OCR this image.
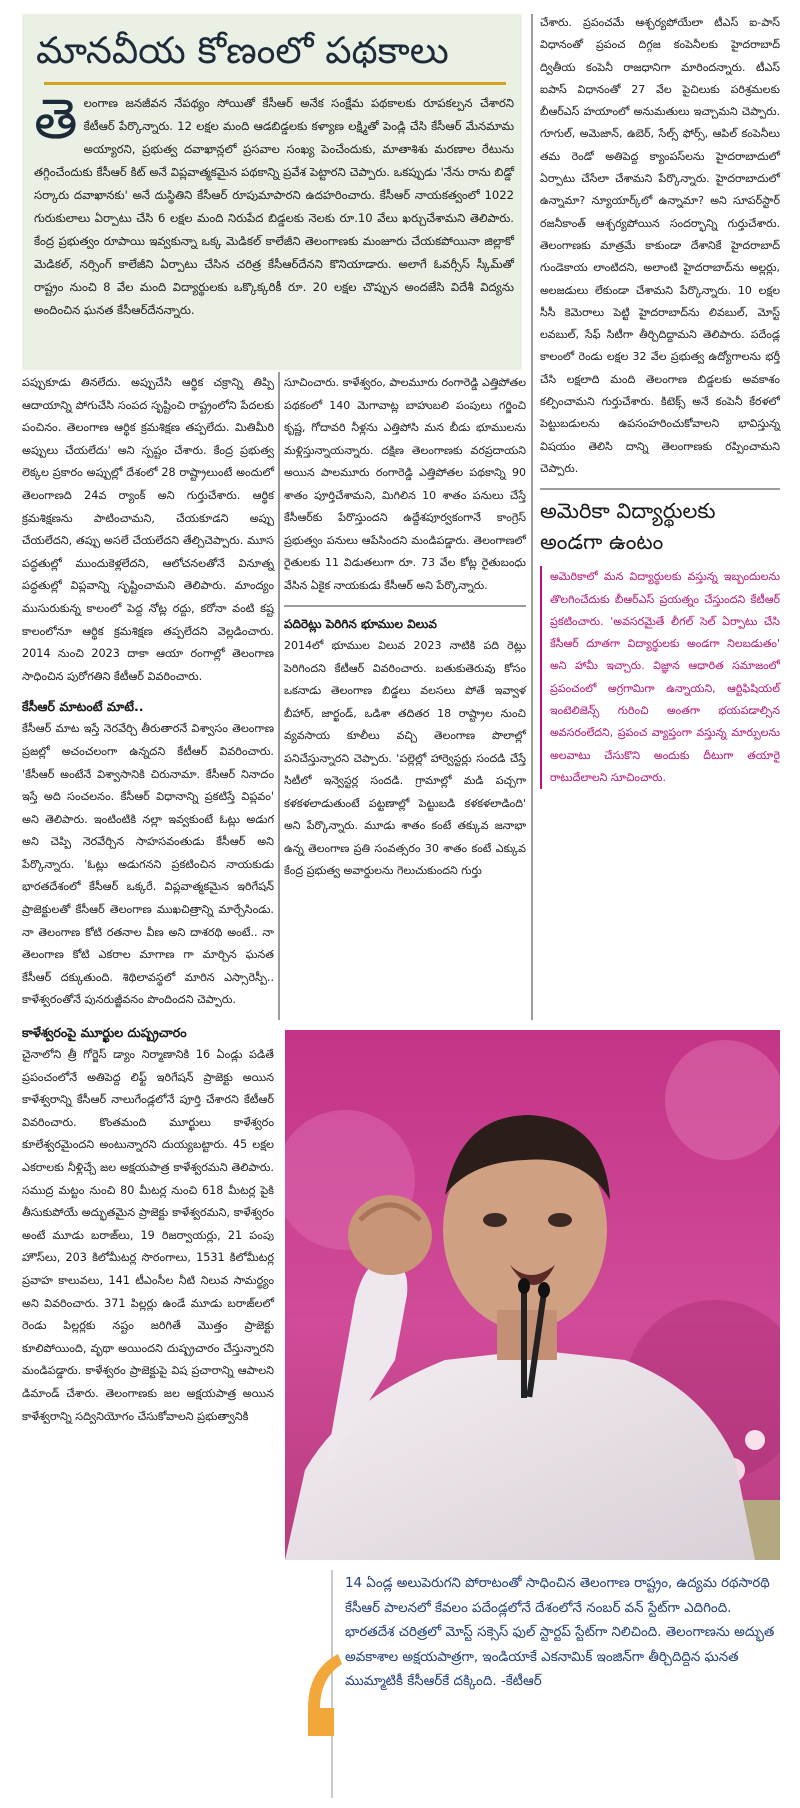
మానవీయ కోణంలో పథకాలు
తె లంగాణ జనజీవన నేపథ్యం సోయితో కేసీఆర్ అనేక సంక్షేమ పథకాలకు రూపకల్పన చేశారని కేటీఆర్ పేర్కొన్నారు. 12 లక్షల మంది ఆడబిడ్డలకు కళ్యాణ లక్ష్మితో పెండ్లి చేసి కేసీఆర్ మేనమామ అయ్యారని, ప్రభుత్వ దవాఖాన్లలో ప్రసవాల సంఖ్య పెంచేందుకు, మాతాశిశు మరణాల రేటును తగ్గించేందుకు కేసీఆర్ కిట్ అనే విప్లవాత్మకమైన పథకాన్ని ప్రవేశ పెట్టారని చెప్పారు. ఒకప్పుడు 'నేను రాను బిడ్డో సర్కారు దవాఖానకు' అనే దుస్థితిని కేసీఆర్ రూపుమాపారని ఉదహరించారు. కేసీఆర్ నాయకత్వంలో 1022 గురుకులాలు ఏర్పాటు చేసి 6 లక్షల మంది నిరుపేద బిడ్డలకు నెలకు రూ.10 వేలు ఖర్చుచేశామని తెలిపారు. కేంద్ర ప్రభుత్వం రూపాయి ఇవ్వకున్నా ఒక్క మెడికల్ కాలేజీని తెలంగాణకు మంజూరు చేయకపోయినా జిల్లాకో మెడికల్, నర్సింగ్ కాలేజీని ఏర్పాటు చేసిన చరిత్ర కేసీఆర్‌దేనని కొనియాడారు. అలాగే ఓవర్సీస్ స్కీమ్‌తో రాష్ట్రం నుంచి 8 వేల మంది విద్యార్థులకు ఒక్కొక్కరికీ రూ. 20 లక్షల చొప్పున అందజేసి విదేశీ విద్యను అందించిన ఘనత కేసీఆర్‌దేనన్నారు.

పప్పుకూడు తినలేదు. అప్పుచేసి ఆర్థిక చక్రాన్ని తిప్పి ఆదాయాన్ని పోగుచేసి సంపద సృష్టించి రాష్ట్రంలోని పేదలకు పంచినం. తెలంగాణ ఆర్థిక క్రమశిక్షణ తప్పలేదు. మితిమీరి అప్పులు చేయలేదు' అని స్పష్టం చేశారు. కేంద్ర ప్రభుత్వ లెక్కల ప్రకారం అప్పుల్లో దేశంలో 28 రాష్ట్రాలుంటే అందులో తెలంగాణది 24వ ర్యాంక్ అని గుర్తుచేశారు. ఆర్థిక క్రమశిక్షణను పాటించామని, చేయకూడని అప్పు చేయలేదని, తప్పు అసలే చేయలేదని తేల్చిచెప్పారు. మూస పద్ధతుల్లో ముందుకెళ్లలేదని, ఆలోచనలతోనే వినూత్న పద్ధతుల్లో విప్లవాన్ని సృష్టించామని తెలిపారు. మాంద్యం ముసురుకున్న కాలంలో పెద్ద నోట్ల రద్దు, కరోనా వంటి కష్ట కాలంలోనూ ఆర్థిక క్రమశిక్షణ తప్పలేదని వెల్లడించారు. 2014 నుంచి 2023 దాకా ఆయా రంగాల్లో తెలంగాణ సాధించిన పురోగతిని కేటీఆర్ వివరించారు.

కేసీఆర్ మాటంటే మాటే..

కేసీఆర్ మాట ఇస్తే నెరవేర్చి తీరుతారనే విశ్వాసం తెలంగాణ ప్రజల్లో అచంచలంగా ఉన్నదని కేటీఆర్ వివరించారు. 'కేసీఆర్ అంటేనే విశ్వాసానికి చిరునామా. కేసీఆర్ నినాదం ఇస్తే అది సంచలనం. కేసీఆర్ విధానాన్ని ప్రకటిస్తే విప్లవం' అని తెలిపారు. ఇంటింటికి నల్లా ఇవ్వకుంటే ఓట్లు అడుగ అని చెప్పి నెరవేర్చిన సాహసవంతుడు కేసీఆర్ అని పేర్కొన్నారు. 'ఓట్లు అడుగనని ప్రకటించిన నాయకుడు భారతదేశంలో కేసీఆర్ ఒక్కరే. విప్లవాత్మకమైన ఇరిగేషన్ ప్రాజెక్టులతో కేసీఆర్ తెలంగాణ ముఖచిత్రాన్ని మార్చేసిండు. నా తెలంగాణ కోటి రతనాల వీణ అని దాశరథి అంటే.. నా తెలంగాణ కోటి ఎకరాల మాగాణ గా మార్చిన ఘనత కేసీఆర్ దక్కుతుంది. శిథిలావస్థలో మారిన ఎస్సారెస్పీ.. కాళేశ్వరంతోనే పునరుజ్జీవనం పొందిందని చెప్పారు.

కాళేశ్వరంపై మూర్ఖుల దుష్ప్రచారం

చైనాలోని త్రీ గోర్జెస్ డ్యాం నిర్మాణానికి 16 ఏండ్లు పడితే ప్రపంచంలోనే అతిపెద్ద లిఫ్ట్ ఇరిగేషన్ ప్రాజెక్టు అయిన కాళేశ్వరాన్ని కేసీఆర్ నాలుగేండ్లలోనే పూర్తి చేశారని కేటీఆర్ వివరించారు. కొంతమంది మూర్ఖులు కాళేశ్వరం కూలేశ్వరమైందని అంటున్నారని దుయ్యబట్టారు. 45 లక్షల ఎకరాలకు నీళ్లిచ్చే జల అక్షయపాత్ర కాళేశ్వరమని తెలిపారు. సముద్ర మట్టం నుంచి 80 మీటర్ల నుంచి 618 మీటర్ల పైకి తీసుకుపోయే అద్భుతమైన ప్రాజెక్టు కాళేశ్వరమని, కాళేశ్వరం అంటే మూడు బరాజ్‌లు, 19 రిజర్వాయర్లు, 21 పంపు హౌస్‌లు, 203 కిలోమీటర్ల సొరంగాలు, 1531 కిలోమీటర్ల ప్రవాహ కాలువలు, 141 టీఎంసీల నీటి నిలువ సామర్థ్యం అని వివరించారు. 371 పిల్లర్లు ఉండే మూడు బరాజ్‌లలో రెండు పిల్లర్లకు నష్టం జరిగితే మొత్తం ప్రాజెక్టు కూలిపోయింది, వృథా అయిందని దుష్ప్రచారం చేస్తున్నారని మండిపడ్డారు. కాళేశ్వరం ప్రాజెక్టుపై విష ప్రచారాన్ని ఆపాలని డిమాండ్ చేశారు. తెలంగాణకు జల అక్షయపాత్ర అయిన కాళేశ్వరాన్ని సద్వినియోగం చేసుకోవాలని ప్రభుత్వానికి

సూచించారు. కాళేశ్వరం, పాలమూరు రంగారెడ్డి ఎత్తిపోతల పథకంలో 140 మెగావాట్ల బాహుబలి పంపులు గర్జించి కృష్ణ, గోదావరి నీళ్లను ఎత్తిపోసి మన బీడు భూములను మళ్లిస్తున్నాయన్నారు. దక్షిణ తెలంగాణకు వరప్రదాయని అయిన పాలమూరు రంగారెడ్డి ఎత్తిపోతల పథకాన్ని 90 శాతం పూర్తిచేశామని, మిగిలిన 10 శాతం పనులు చేస్తే కేసీఆర్‌కు పేరొస్తుందని ఉద్దేశపూర్వకంగానే కాంగ్రెస్ ప్రభుత్వం పనులు ఆపేసిందని మండిపడ్డారు. తెలంగాణలో రైతులకు 11 విడుతలుగా రూ. 73 వేల కోట్ల రైతుబంధు వేసిన ఏకైక నాయకుడు కేసీఆర్ అని పేర్కొన్నారు.

పదిరెట్లు పెరిగిన భూముల విలువ

2014లో భూముల విలువ 2023 నాటికి పది రెట్లు పెరిగిందని కేటీఆర్ వివరించారు. బతుకుతెరువు కోసం ఒకనాడు తెలంగాణ బిడ్డలు వలసలు పోతే ఇవ్వాళ బీహార్, జార్ఖండ్, ఒడిశా తదితర 18 రాష్ట్రాల నుంచి వ్యవసాయ కూలీలు వచ్చి తెలంగాణ పొలాల్లో పనిచేస్తున్నారని చెప్పారు. 'పల్లెల్లో హార్వెస్టర్లు సందడి చేస్తే సిటీలో ఇన్వెస్టర్ల సందడి. గ్రామాల్లో మడి పచ్చగా కళకళలాడుతుంటే పట్టణాల్లో పెట్టుబడి కళకళలాడింది' అని పేర్కొన్నారు. మూడు శాతం కంటే తక్కువ జనాభా ఉన్న తెలంగాణ ప్రతి సంవత్సరం 30 శాతం కంటే ఎక్కువ కేంద్ర ప్రభుత్వ అవార్డులను గెలుచుకుందని గుర్తు

చేశారు. ప్రపంచమే ఆశ్చర్యపోయేలా టీఎస్ ఐ-పాస్ విధానంతో ప్రపంచ దిగ్గజ కంపెనీలకు హైదరాబాద్ ద్వితీయ కంపెనీ రాజధానిగా మారిందన్నారు. టీఎస్ ఐపాస్ విధానంతో 27 వేల పైచిలుకు పరిశ్రమలకు బీఆర్ఎస్ హయాంలో అనుమతులు ఇచ్చామని చెప్పారు. గూగుల్, అమెజాన్, ఉబెర్, సేల్స్ ఫోర్స్, ఆపిల్ కంపెనీలు తమ రెండో అతిపెద్ద క్యాంపస్‌లను హైదరాబాదులో ఏర్పాటు చేసేలా చేశామని పేర్కొన్నారు. హైదరాబాదులో ఉన్నామా? న్యూయార్క్‌లో ఉన్నామా? అని సూపర్‌స్టార్ రజనీకాంత్ ఆశ్చర్యపోయిన సందర్భాన్ని గుర్తుచేశారు. తెలంగాణకు మాత్రమే కాకుండా దేశానికే హైదరాబాద్ గుండెకాయ లాంటిదని, అలాంటి హైదరాబాద్‌ను అల్లర్లు, అలజడులు లేకుండా చేశామని పేర్కొన్నారు. 10 లక్షల సీసీ కెమెరాలు పెట్టి హైదరాబాద్‌ను లివబుల్, మోస్ట్ లవబుల్, సేఫ్ సిటీగా తీర్చిదిద్దామని తెలిపారు. పదేండ్ల కాలంలో రెండు లక్షల 32 వేల ప్రభుత్వ ఉద్యోగాలను భర్తీ చేసి లక్షలాది మంది తెలంగాణ బిడ్డలకు అవకాశం కల్పించామని గుర్తుచేశారు. కిటెక్స్ అనే కంపెనీ కేరళలో పెట్టుబడులను ఉపసంహరించుకోవాలని భావిస్తున్న విషయం తెలిసి దాన్ని తెలంగాణకు రప్పించామని చెప్పారు.

అమెరికా విద్యార్థులకు అండగా ఉంటం

అమెరికాలో మన విద్యార్థులకు వస్తున్న ఇబ్బందులను తొలగించేదుకు బీఆర్ఎస్ ప్రయత్నం చేస్తుందని కేటీఆర్ ప్రకటించారు. 'అవసరమైతే లీగల్ సెల్ ఏర్పాటు చేసి కేసీఆర్ దూతగా విద్యార్థులకు అండగా నిలబడుతం' అని హామీ ఇచ్చారు. విజ్ఞాన ఆధారిత సమాజంలో ప్రపంచంలో అగ్రగామిగా ఉన్నాయని, ఆర్టిఫిషియల్ ఇంటెలిజెన్స్ గురించి అంతగా భయపడాల్సిన అవసరంలేదని, ప్రపంచ వ్యాప్తంగా వస్తున్న మార్పులను అలవాటు చేసుకొని అందుకు దీటుగా తయారై రాటుదేలాలని సూచించారు.

14 ఏండ్ల అలుపెరుగని పోరాటంతో సాధించిన తెలంగాణ రాష్ట్రం, ఉద్యమ రథసారథి కేసీఆర్ పాలనలో కేవలం పదేండ్లలోనే దేశంలోనే నంబర్ వన్ స్టేట్‌గా ఎదిగింది. భారతదేశ చరిత్రలో మోస్ట్ సక్సెస్ ఫుల్ స్టార్టప్ స్టేట్‌గా నిలిచింది. తెలంగాణను అద్భుత అవకాశాల అక్షయపాత్రగా, ఇండియాకే ఎకనామిక్ ఇంజిన్‌గా తీర్చిదిద్దిన ఘనత ముమ్మాటికీ కేసీఆర్‌కే దక్కింది. -కేటీఆర్
